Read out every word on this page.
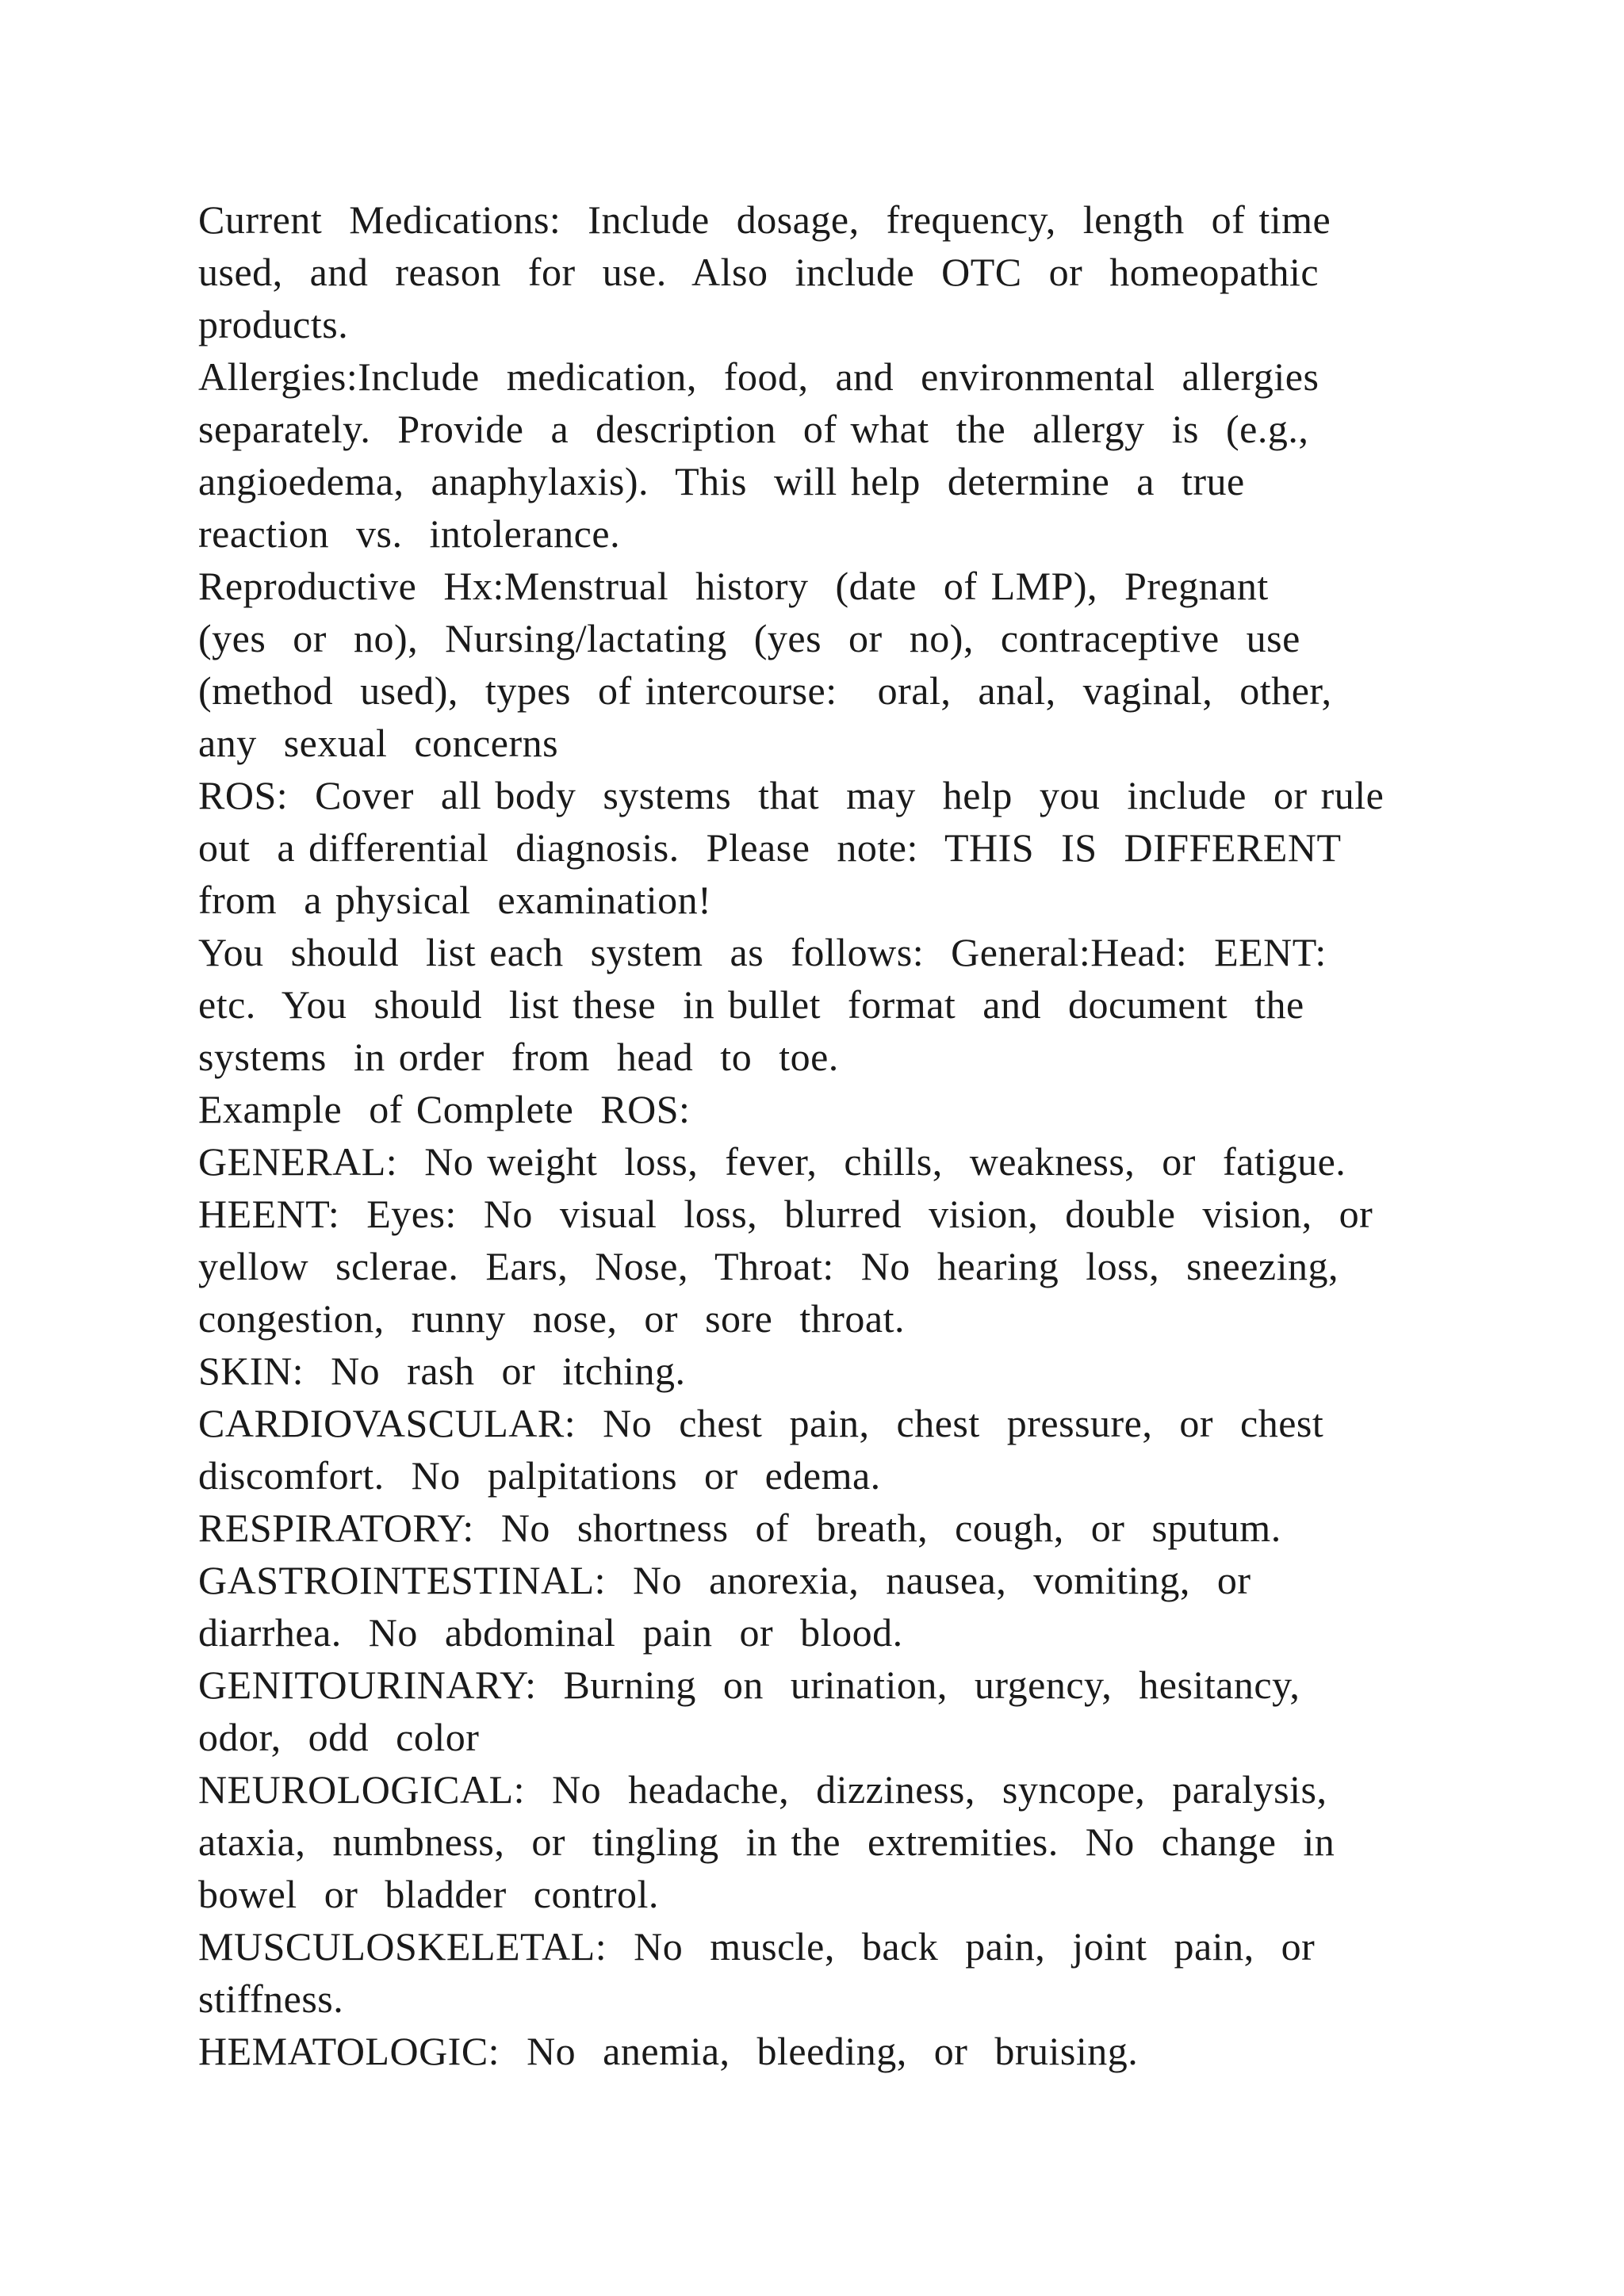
Current  Medications:  Include  dosage,  frequency,  length  of time
used,  and  reason  for  use.  Also  include  OTC  or  homeopathic
products.
Allergies:Include  medication,  food,  and  environmental  allergies
separately.  Provide  a  description  of what  the  allergy  is  (e.g.,
angioedema,  anaphylaxis).  This  will help  determine  a  true
reaction  vs.  intolerance.
Reproductive  Hx:Menstrual  history  (date  of LMP),  Pregnant
(yes  or  no),  Nursing/lactating  (yes  or  no),  contraceptive  use
(method  used),  types  of intercourse:   oral,  anal,  vaginal,  other,
any  sexual  concerns
ROS:  Cover  all body  systems  that  may  help  you  include  or rule
out  a differential  diagnosis.  Please  note:  THIS  IS  DIFFERENT
from  a physical  examination!
You  should  list each  system  as  follows:  General:Head:  EENT:
etc.  You  should  list these  in bullet  format  and  document  the
systems  in order  from  head  to  toe.
Example  of Complete  ROS:
GENERAL:  No weight  loss,  fever,  chills,  weakness,  or  fatigue.
HEENT:  Eyes:  No  visual  loss,  blurred  vision,  double  vision,  or
yellow  sclerae.  Ears,  Nose,  Throat:  No  hearing  loss,  sneezing,
congestion,  runny  nose,  or  sore  throat.
SKIN:  No  rash  or  itching.
CARDIOVASCULAR:  No  chest  pain,  chest  pressure,  or  chest
discomfort.  No  palpitations  or  edema.
RESPIRATORY:  No  shortness  of  breath,  cough,  or  sputum.
GASTROINTESTINAL:  No  anorexia,  nausea,  vomiting,  or
diarrhea.  No  abdominal  pain  or  blood.
GENITOURINARY:  Burning  on  urination,  urgency,  hesitancy,
odor,  odd  color
NEUROLOGICAL:  No  headache,  dizziness,  syncope,  paralysis,
ataxia,  numbness,  or  tingling  in the  extremities.  No  change  in
bowel  or  bladder  control.
MUSCULOSKELETAL:  No  muscle,  back  pain,  joint  pain,  or
stiffness.
HEMATOLOGIC:  No  anemia,  bleeding,  or  bruising.
